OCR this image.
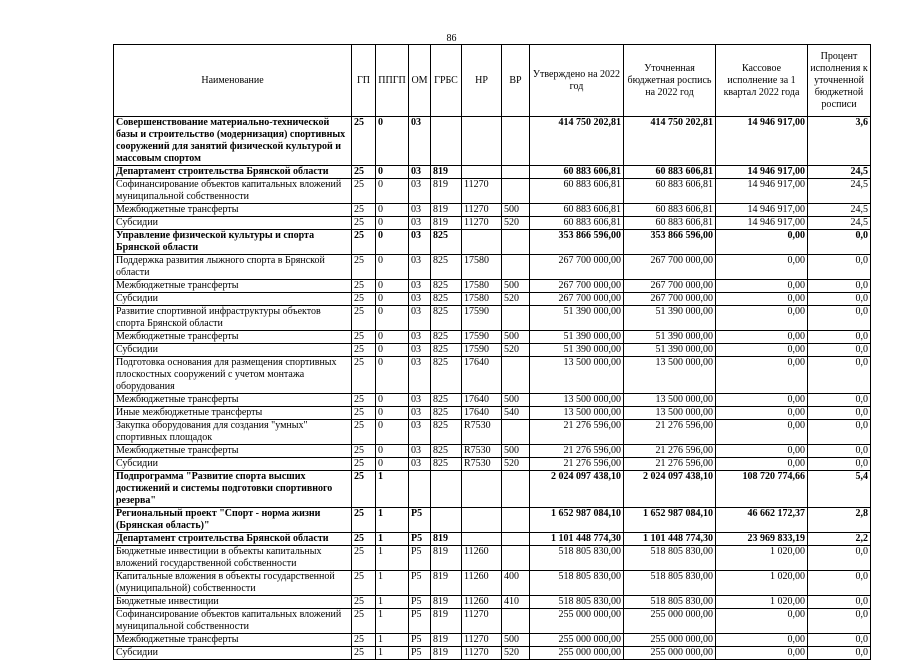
86
Наименование	ГП	ППГП	ОМ	ГРБС	НР	ВР	Утверждено на 2022 год	Уточненная бюджетная роспись на 2022 год	Кассовое исполнение за 1 квартал 2022 года	Процент исполнения к уточненной бюджетной росписи
Совершенствование материально-технической базы и строительство (модернизация) спортивных сооружений для занятий физической культурой и массовым спортом	25	0	03				414 750 202,81	414 750 202,81	14 946 917,00	3,6
Департамент строительства Брянской области	25	0	03	819			60 883 606,81	60 883 606,81	14 946 917,00	24,5
Софинансирование объектов капитальных вложений муниципальной собственности	25	0	03	819	11270		60 883 606,81	60 883 606,81	14 946 917,00	24,5
Межбюджетные трансферты	25	0	03	819	11270	500	60 883 606,81	60 883 606,81	14 946 917,00	24,5
Субсидии	25	0	03	819	11270	520	60 883 606,81	60 883 606,81	14 946 917,00	24,5
Управление физической культуры и спорта Брянской области	25	0	03	825			353 866 596,00	353 866 596,00	0,00	0,0
Поддержка развития лыжного спорта в Брянской области	25	0	03	825	17580		267 700 000,00	267 700 000,00	0,00	0,0
Межбюджетные трансферты	25	0	03	825	17580	500	267 700 000,00	267 700 000,00	0,00	0,0
Субсидии	25	0	03	825	17580	520	267 700 000,00	267 700 000,00	0,00	0,0
Развитие спортивной инфраструктуры объектов спорта Брянской области	25	0	03	825	17590		51 390 000,00	51 390 000,00	0,00	0,0
Межбюджетные трансферты	25	0	03	825	17590	500	51 390 000,00	51 390 000,00	0,00	0,0
Субсидии	25	0	03	825	17590	520	51 390 000,00	51 390 000,00	0,00	0,0
Подготовка основания для размещения спортивных плоскостных сооружений с учетом монтажа оборудования	25	0	03	825	17640		13 500 000,00	13 500 000,00	0,00	0,0
Межбюджетные трансферты	25	0	03	825	17640	500	13 500 000,00	13 500 000,00	0,00	0,0
Иные межбюджетные трансферты	25	0	03	825	17640	540	13 500 000,00	13 500 000,00	0,00	0,0
Закупка оборудования для создания "умных" спортивных площадок	25	0	03	825	R7530		21 276 596,00	21 276 596,00	0,00	0,0
Межбюджетные трансферты	25	0	03	825	R7530	500	21 276 596,00	21 276 596,00	0,00	0,0
Субсидии	25	0	03	825	R7530	520	21 276 596,00	21 276 596,00	0,00	0,0
Подпрограмма "Развитие спорта высших достижений и системы подготовки спортивного резерва"	25	1					2 024 097 438,10	2 024 097 438,10	108 720 774,66	5,4
Региональный проект "Спорт - норма жизни (Брянская область)"	25	1	P5				1 652 987 084,10	1 652 987 084,10	46 662 172,37	2,8
Департамент строительства Брянской области	25	1	P5	819			1 101 448 774,30	1 101 448 774,30	23 969 833,19	2,2
Бюджетные инвестиции в объекты капитальных вложений государственной собственности	25	1	P5	819	11260		518 805 830,00	518 805 830,00	1 020,00	0,0
Капитальные вложения в объекты государственной (муниципальной) собственности	25	1	P5	819	11260	400	518 805 830,00	518 805 830,00	1 020,00	0,0
Бюджетные инвестиции	25	1	P5	819	11260	410	518 805 830,00	518 805 830,00	1 020,00	0,0
Софинансирование объектов капитальных вложений муниципальной собственности	25	1	P5	819	11270		255 000 000,00	255 000 000,00	0,00	0,0
Межбюджетные трансферты	25	1	P5	819	11270	500	255 000 000,00	255 000 000,00	0,00	0,0
Субсидии	25	1	P5	819	11270	520	255 000 000,00	255 000 000,00	0,00	0,0
